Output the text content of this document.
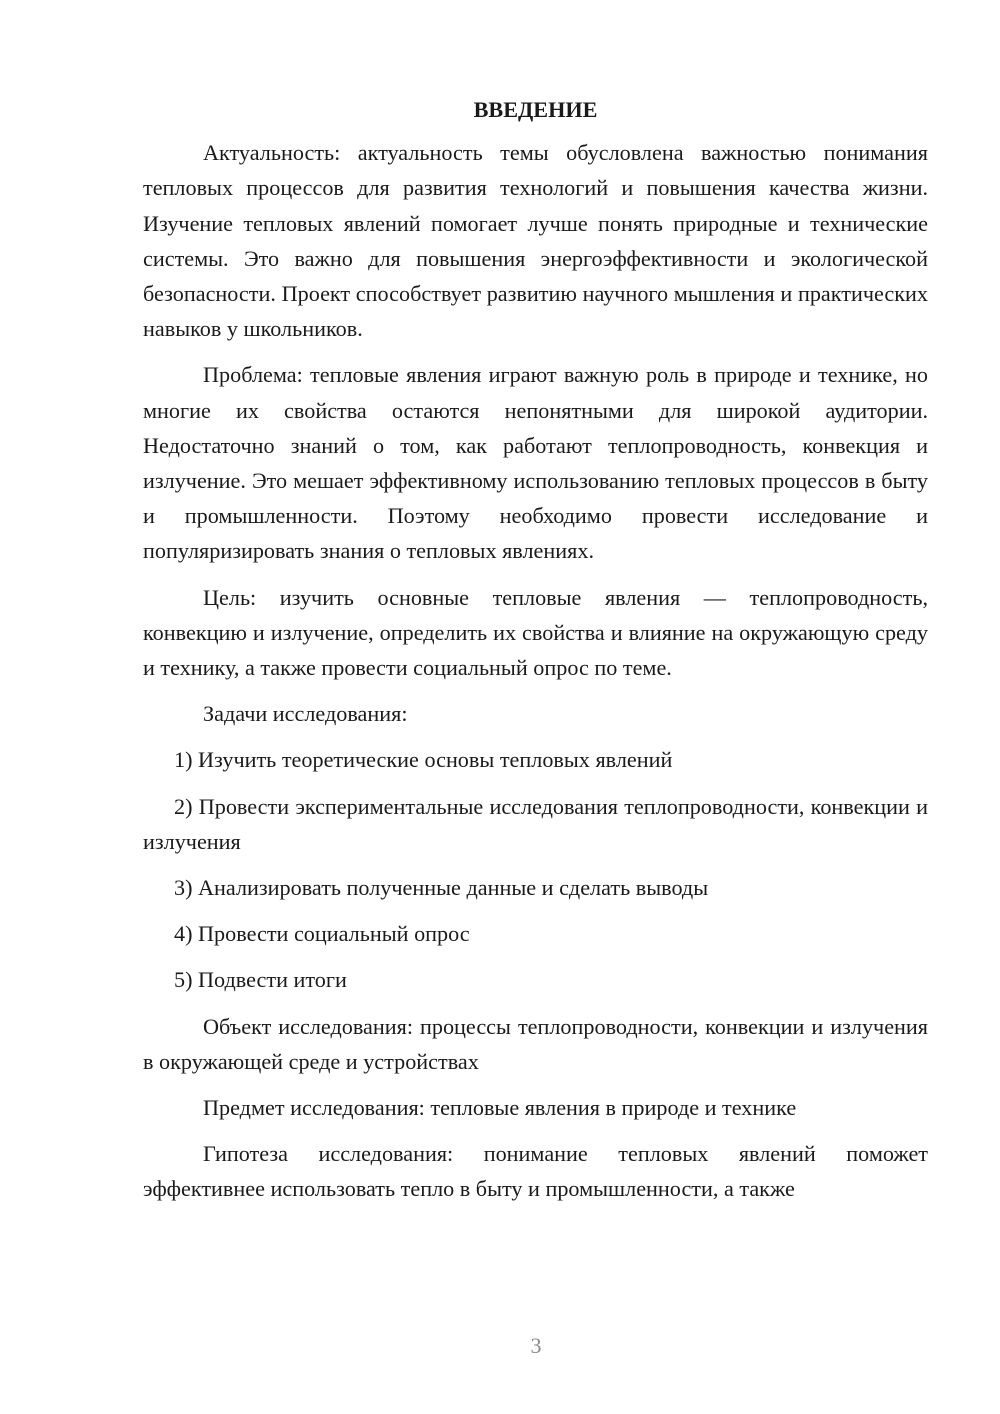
ВВЕДЕНИЕ

Актуальность: актуальность темы обусловлена важностью понимания тепловых процессов для развития технологий и повышения качества жизни. Изучение тепловых явлений помогает лучше понять природные и технические системы. Это важно для повышения энергоэффективности и экологической безопасности. Проект способствует развитию научного мышления и практических навыков у школьников.

Проблема: тепловые явления играют важную роль в природе и технике, но многие их свойства остаются непонятными для широкой аудитории. Недостаточно знаний о том, как работают теплопроводность, конвекция и излучение. Это мешает эффективному использованию тепловых процессов в быту и промышленности. Поэтому необходимо провести исследование и популяризировать знания о тепловых явлениях.

Цель: изучить основные тепловые явления — теплопроводность, конвекцию и излучение, определить их свойства и влияние на окружающую среду и технику, а также провести социальный опрос по теме.

Задачи исследования:

1) Изучить теоретические основы тепловых явлений

2) Провести экспериментальные исследования теплопроводности, конвекции и излучения

3) Анализировать полученные данные и сделать выводы

4) Провести социальный опрос

5) Подвести итоги

Объект исследования: процессы теплопроводности, конвекции и излучения в окружающей среде и устройствах

Предмет исследования: тепловые явления в природе и технике

Гипотеза исследования: понимание тепловых явлений поможет эффективнее использовать тепло в быту и промышленности, а также

3
